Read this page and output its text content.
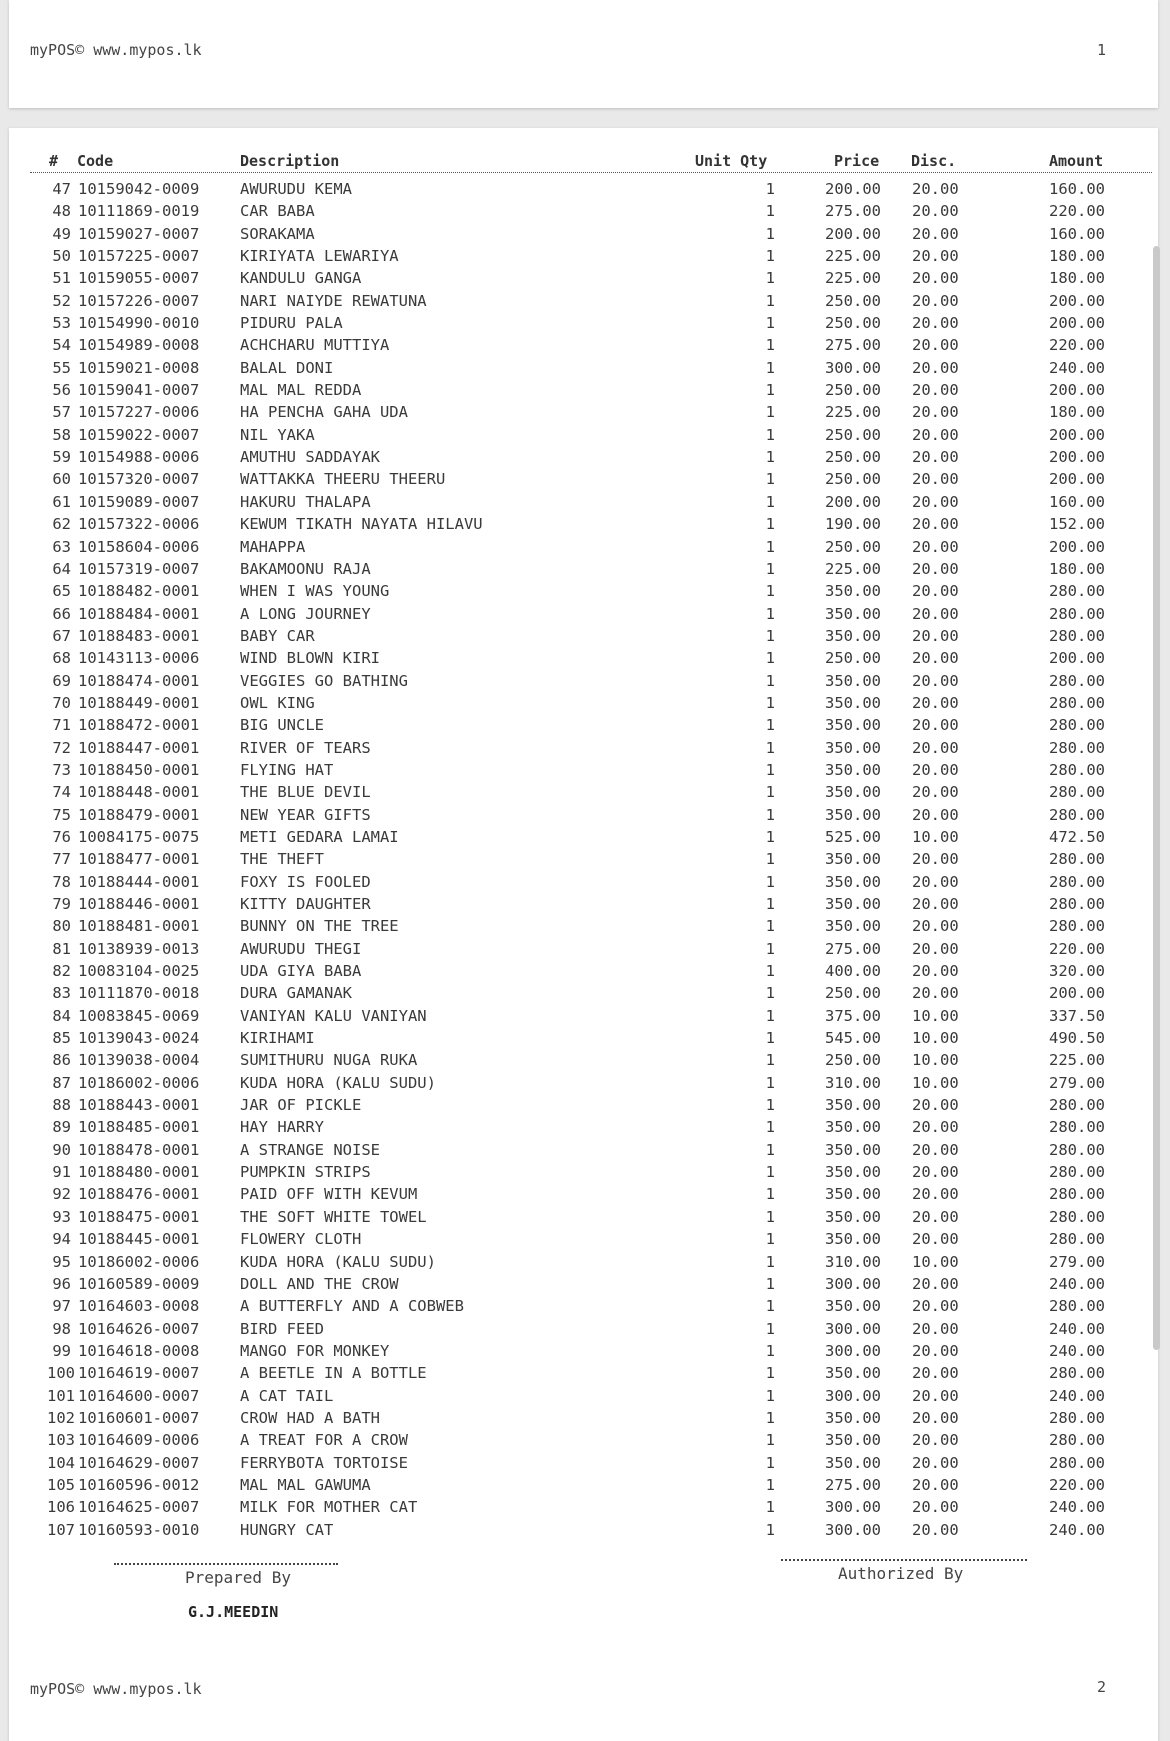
myPOS© www.mypos.lk	1
# Code	Description	Unit Qty	Price Disc.	Amount
47 10159042-0009	AWURUDU KEMA	1	200.00	20.00	160.00
48 10111869-0019	CAR BABA	1	275.00	20.00	220.00
49 10159027-0007	SORAKAMA	1	200.00	20.00	160.00
50 10157225-0007	KIRIYATA LEWARIYA	1	225.00	20.00	180.00
51 10159055-0007	KANDULU GANGA	1	225.00	20.00	180.00
52 10157226-0007	NARI NAIYDE REWATUNA	1	250.00	20.00	200.00
53 10154990-0010	PIDURU PALA	1	250.00	20.00	200.00
54 10154989-0008	ACHCHARU MUTTIYA	1	275.00	20.00	220.00
55 10159021-0008	BALAL DONI	1	300.00	20.00	240.00
56 10159041-0007	MAL MAL REDDA	1	250.00	20.00	200.00
57 10157227-0006	HA PENCHA GAHA UDA	1	225.00	20.00	180.00
58 10159022-0007	NIL YAKA	1	250.00	20.00	200.00
59 10154988-0006	AMUTHU SADDAYAK	1	250.00	20.00	200.00
60 10157320-0007	WATTAKKA THEERU THEERU	1	250.00	20.00	200.00
61 10159089-0007	HAKURU THALAPA	1	200.00	20.00	160.00
62 10157322-0006	KEWUM TIKATH NAYATA HILAVU	1	190.00	20.00	152.00
63 10158604-0006	MAHAPPA	1	250.00	20.00	200.00
64 10157319-0007	BAKAMOONU RAJA	1	225.00	20.00	180.00
65 10188482-0001	WHEN I WAS YOUNG	1	350.00	20.00	280.00
66 10188484-0001	A LONG JOURNEY	1	350.00	20.00	280.00
67 10188483-0001	BABY CAR	1	350.00	20.00	280.00
68 10143113-0006	WIND BLOWN KIRI	1	250.00	20.00	200.00
69 10188474-0001	VEGGIES GO BATHING	1	350.00	20.00	280.00
70 10188449-0001	OWL KING	1	350.00	20.00	280.00
71 10188472-0001	BIG UNCLE	1	350.00	20.00	280.00
72 10188447-0001	RIVER OF TEARS	1	350.00	20.00	280.00
73 10188450-0001	FLYING HAT	1	350.00	20.00	280.00
74 10188448-0001	THE BLUE DEVIL	1	350.00	20.00	280.00
75 10188479-0001	NEW YEAR GIFTS	1	350.00	20.00	280.00
76 10084175-0075	METI GEDARA LAMAI	1	525.00	10.00	472.50
77 10188477-0001	THE THEFT	1	350.00	20.00	280.00
78 10188444-0001	FOXY IS FOOLED	1	350.00	20.00	280.00
79 10188446-0001	KITTY DAUGHTER	1	350.00	20.00	280.00
80 10188481-0001	BUNNY ON THE TREE	1	350.00	20.00	280.00
81 10138939-0013	AWURUDU THEGI	1	275.00	20.00	220.00
82 10083104-0025	UDA GIYA BABA	1	400.00	20.00	320.00
83 10111870-0018	DURA GAMANAK	1	250.00	20.00	200.00
84 10083845-0069	VANIYAN KALU VANIYAN	1	375.00	10.00	337.50
85 10139043-0024	KIRIHAMI	1	545.00	10.00	490.50
86 10139038-0004	SUMITHURU NUGA RUKA	1	250.00	10.00	225.00
87 10186002-0006	KUDA HORA (KALU SUDU)	1	310.00	10.00	279.00
88 10188443-0001	JAR OF PICKLE	1	350.00	20.00	280.00
89 10188485-0001	HAY HARRY	1	350.00	20.00	280.00
90 10188478-0001	A STRANGE NOISE	1	350.00	20.00	280.00
91 10188480-0001	PUMPKIN STRIPS	1	350.00	20.00	280.00
92 10188476-0001	PAID OFF WITH KEVUM	1	350.00	20.00	280.00
93 10188475-0001	THE SOFT WHITE TOWEL	1	350.00	20.00	280.00
94 10188445-0001	FLOWERY CLOTH	1	350.00	20.00	280.00
95 10186002-0006	KUDA HORA (KALU SUDU)	1	310.00	10.00	279.00
96 10160589-0009	DOLL AND THE CROW	1	300.00	20.00	240.00
97 10164603-0008	A BUTTERFLY AND A COBWEB	1	350.00	20.00	280.00
98 10164626-0007	BIRD FEED	1	300.00	20.00	240.00
99 10164618-0008	MANGO FOR MONKEY	1	300.00	20.00	240.00
100 10164619-0007	A BEETLE IN A BOTTLE	1	350.00	20.00	280.00
101 10164600-0007	A CAT TAIL	1	300.00	20.00	240.00
102 10160601-0007	CROW HAD A BATH	1	350.00	20.00	280.00
103 10164609-0006	A TREAT FOR A CROW	1	350.00	20.00	280.00
104 10164629-0007	FERRYBOTA TORTOISE	1	350.00	20.00	280.00
105 10160596-0012	MAL MAL GAWUMA	1	275.00	20.00	220.00
106 10164625-0007	MILK FOR MOTHER CAT	1	300.00	20.00	240.00
107 10160593-0010	HUNGRY CAT	1	300.00	20.00	240.00
Prepared By
G.J.MEEDIN
Authorized By
myPOS© www.mypos.lk	2
